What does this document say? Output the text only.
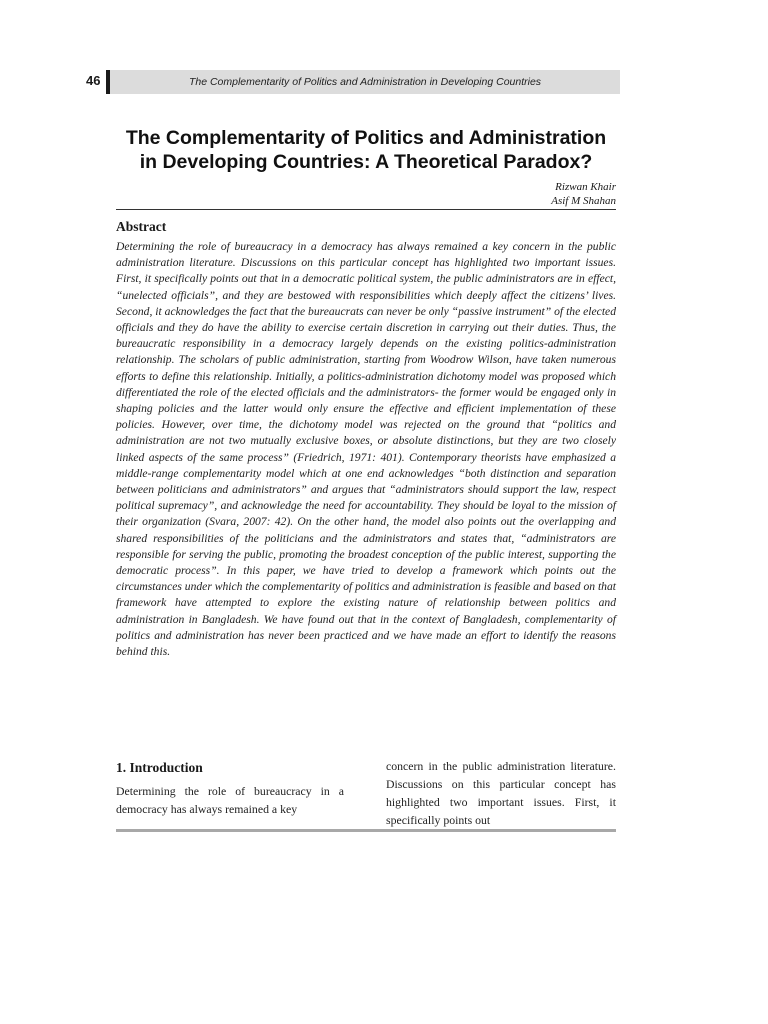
46	The Complementarity of Politics and Administration in Developing Countries
The Complementarity of Politics and Administration in Developing Countries: A Theoretical Paradox?
Rizwan Khair
Asif M Shahan
Abstract

Determining the role of bureaucracy in a democracy has always remained a key concern in the public administration literature. Discussions on this particular concept has highlighted two important issues. First, it specifically points out that in a democratic political system, the public administrators are in effect, “unelected officials”, and they are bestowed with responsibilities which deeply affect the citizens’ lives. Second, it acknowledges the fact that the bureaucrats can never be only “passive instrument” of the elected officials and they do have the ability to exercise certain discretion in carrying out their duties. Thus, the bureaucratic responsibility in a democracy largely depends on the existing politics-administration relationship. The scholars of public administration, starting from Woodrow Wilson, have taken numerous efforts to define this relationship. Initially, a politics-administration dichotomy model was proposed which differentiated the role of the elected officials and the administrators- the former would be engaged only in shaping policies and the latter would only ensure the effective and efficient implementation of these policies. However, over time, the dichotomy model was rejected on the ground that “politics and administration are not two mutually exclusive boxes, or absolute distinctions, but they are two closely linked aspects of the same process” (Friedrich, 1971: 401). Contemporary theorists have emphasized a middle-range complementarity model which at one end acknowledges “both distinction and separation between politicians and administrators” and argues that “administrators should support the law, respect political supremacy”, and acknowledge the need for accountability. They should be loyal to the mission of their organization (Svara, 2007: 42). On the other hand, the model also points out the overlapping and shared responsibilities of the politicians and the administrators and states that, “administrators are responsible for serving the public, promoting the broadest conception of the public interest, supporting the democratic process”. In this paper, we have tried to develop a framework which points out the circumstances under which the complementarity of politics and administration is feasible and based on that framework have attempted to explore the existing nature of relationship between politics and administration in Bangladesh. We have found out that in the context of Bangladesh, complementarity of politics and administration has never been practiced and we have made an effort to identify the reasons behind this.

1. Introduction

Determining the role of bureaucracy in a democracy has always remained a key

concern in the public administration literature. Discussions on this particular concept has highlighted two important issues. First, it specifically points out
